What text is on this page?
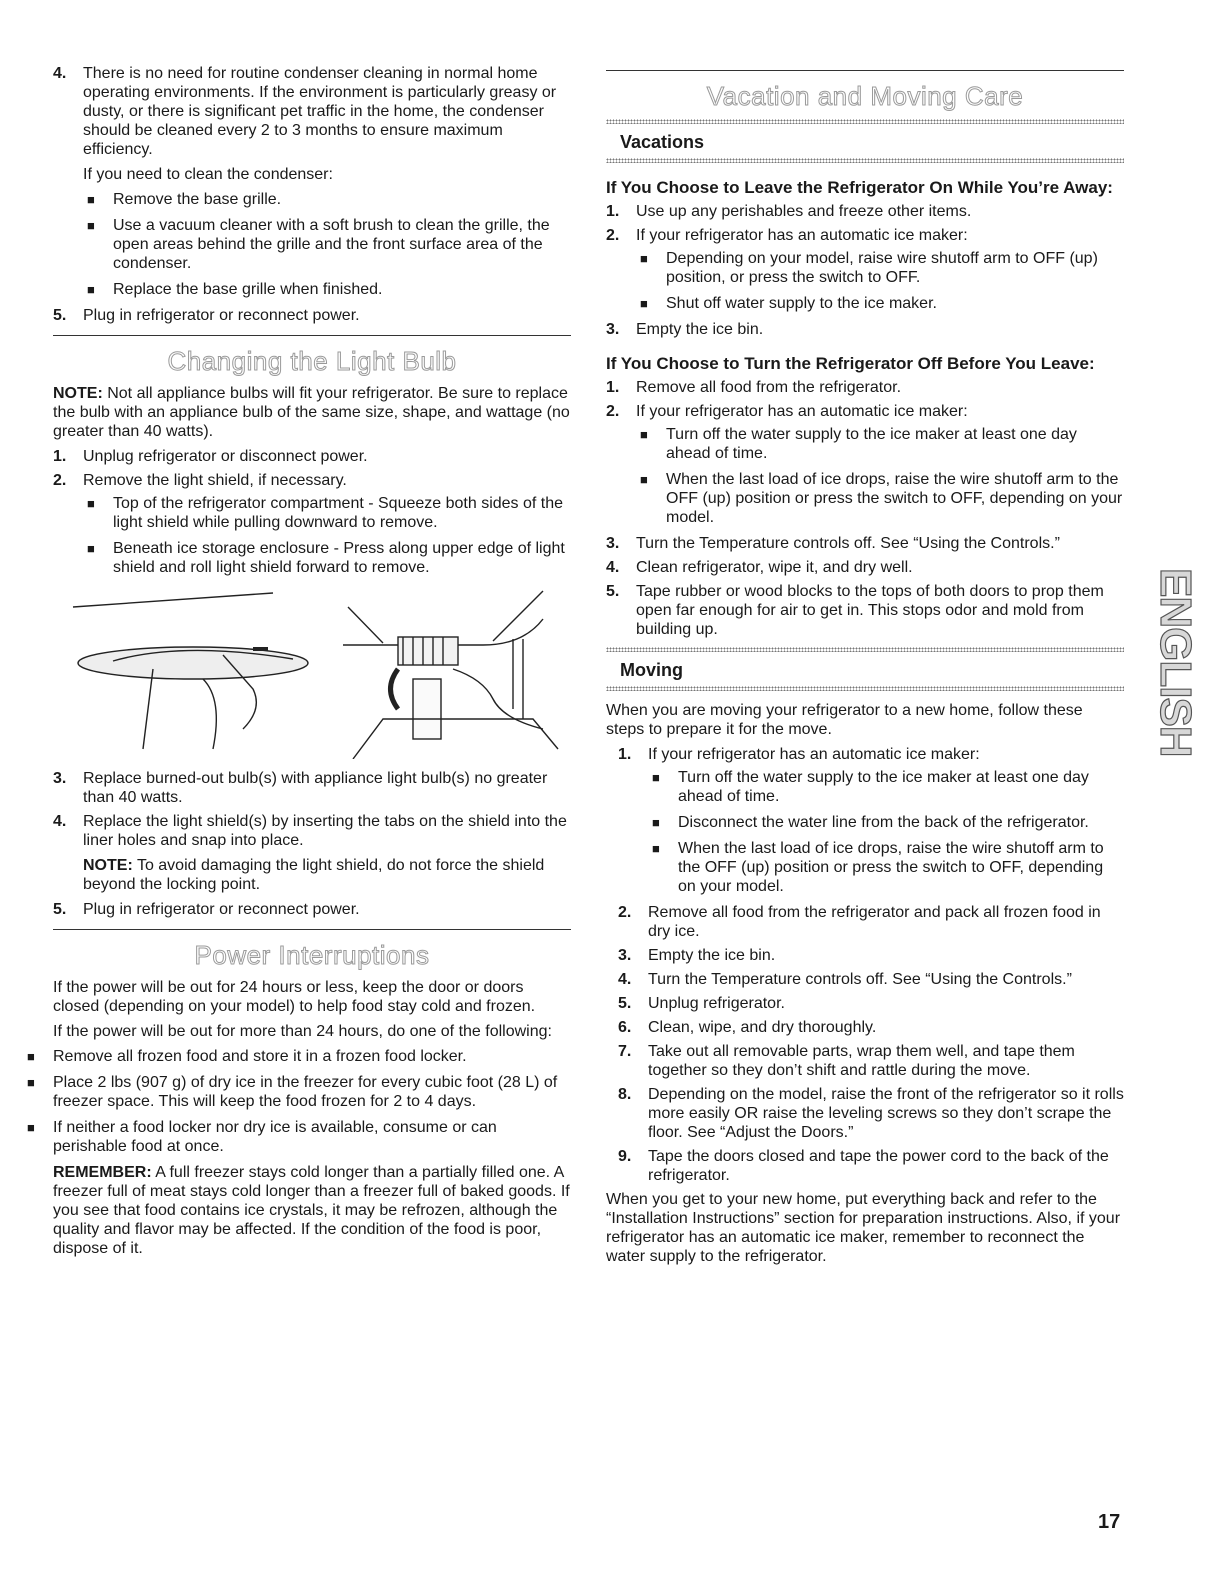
4. There is no need for routine condenser cleaning in normal home operating environments. If the environment is particularly greasy or dusty, or there is significant pet traffic in the home, the condenser should be cleaned every 2 to 3 months to ensure maximum efficiency.

If you need to clean the condenser:

■ Remove the base grille.
■ Use a vacuum cleaner with a soft brush to clean the grille, the open areas behind the grille and the front surface area of the condenser.
■ Replace the base grille when finished.
5. Plug in refrigerator or reconnect power.
Changing the Light Bulb

NOTE: Not all appliance bulbs will fit your refrigerator. Be sure to replace the bulb with an appliance bulb of the same size, shape, and wattage (no greater than 40 watts).

1. Unplug refrigerator or disconnect power.
2. Remove the light shield, if necessary.
■ Top of the refrigerator compartment - Squeeze both sides of the light shield while pulling downward to remove.
■ Beneath ice storage enclosure - Press along upper edge of light shield and roll light shield forward to remove.
3. Replace burned-out bulb(s) with appliance light bulb(s) no greater than 40 watts.
4. Replace the light shield(s) by inserting the tabs on the shield into the liner holes and snap into place.

NOTE: To avoid damaging the light shield, do not force the shield beyond the locking point.

5. Plug in refrigerator or reconnect power.
Power Interruptions

If the power will be out for 24 hours or less, keep the door or doors closed (depending on your model) to help food stay cold and frozen.

If the power will be out for more than 24 hours, do one of the following:

■ Remove all frozen food and store it in a frozen food locker.
■ Place 2 lbs (907 g) of dry ice in the freezer for every cubic foot (28 L) of freezer space. This will keep the food frozen for 2 to 4 days.
■ If neither a food locker nor dry ice is available, consume or can perishable food at once.

REMEMBER: A full freezer stays cold longer than a partially filled one. A freezer full of meat stays cold longer than a freezer full of baked goods. If you see that food contains ice crystals, it may be refrozen, although the quality and flavor may be affected. If the condition of the food is poor, dispose of it.

Vacation and Moving Care
Vacations
If You Choose to Leave the Refrigerator On While You’re Away:
1. Use up any perishables and freeze other items.
2. If your refrigerator has an automatic ice maker:
■ Depending on your model, raise wire shutoff arm to OFF (up) position, or press the switch to OFF.
■ Shut off water supply to the ice maker.
3. Empty the ice bin.
If You Choose to Turn the Refrigerator Off Before You Leave:
1. Remove all food from the refrigerator.
2. If your refrigerator has an automatic ice maker:
■ Turn off the water supply to the ice maker at least one day ahead of time.
■ When the last load of ice drops, raise the wire shutoff arm to the OFF (up) position or press the switch to OFF, depending on your model.
3. Turn the Temperature controls off. See “Using the Controls.”
4. Clean refrigerator, wipe it, and dry well.
5. Tape rubber or wood blocks to the tops of both doors to prop them open far enough for air to get in. This stops odor and mold from building up.
Moving

When you are moving your refrigerator to a new home, follow these steps to prepare it for the move.

1. If your refrigerator has an automatic ice maker:
■ Turn off the water supply to the ice maker at least one day ahead of time.
■ Disconnect the water line from the back of the refrigerator.
■ When the last load of ice drops, raise the wire shutoff arm to the OFF (up) position or press the switch to OFF, depending on your model.
2. Remove all food from the refrigerator and pack all frozen food in dry ice.
3. Empty the ice bin.
4. Turn the Temperature controls off. See “Using the Controls.”
5. Unplug refrigerator.
6. Clean, wipe, and dry thoroughly.
7. Take out all removable parts, wrap them well, and tape them together so they don’t shift and rattle during the move.
8. Depending on the model, raise the front of the refrigerator so it rolls more easily OR raise the leveling screws so they don’t scrape the floor. See “Adjust the Doors.”
9. Tape the doors closed and tape the power cord to the back of the refrigerator.

When you get to your new home, put everything back and refer to the “Installation Instructions” section for preparation instructions. Also, if your refrigerator has an automatic ice maker, remember to reconnect the water supply to the refrigerator.

ENGLISH
17
